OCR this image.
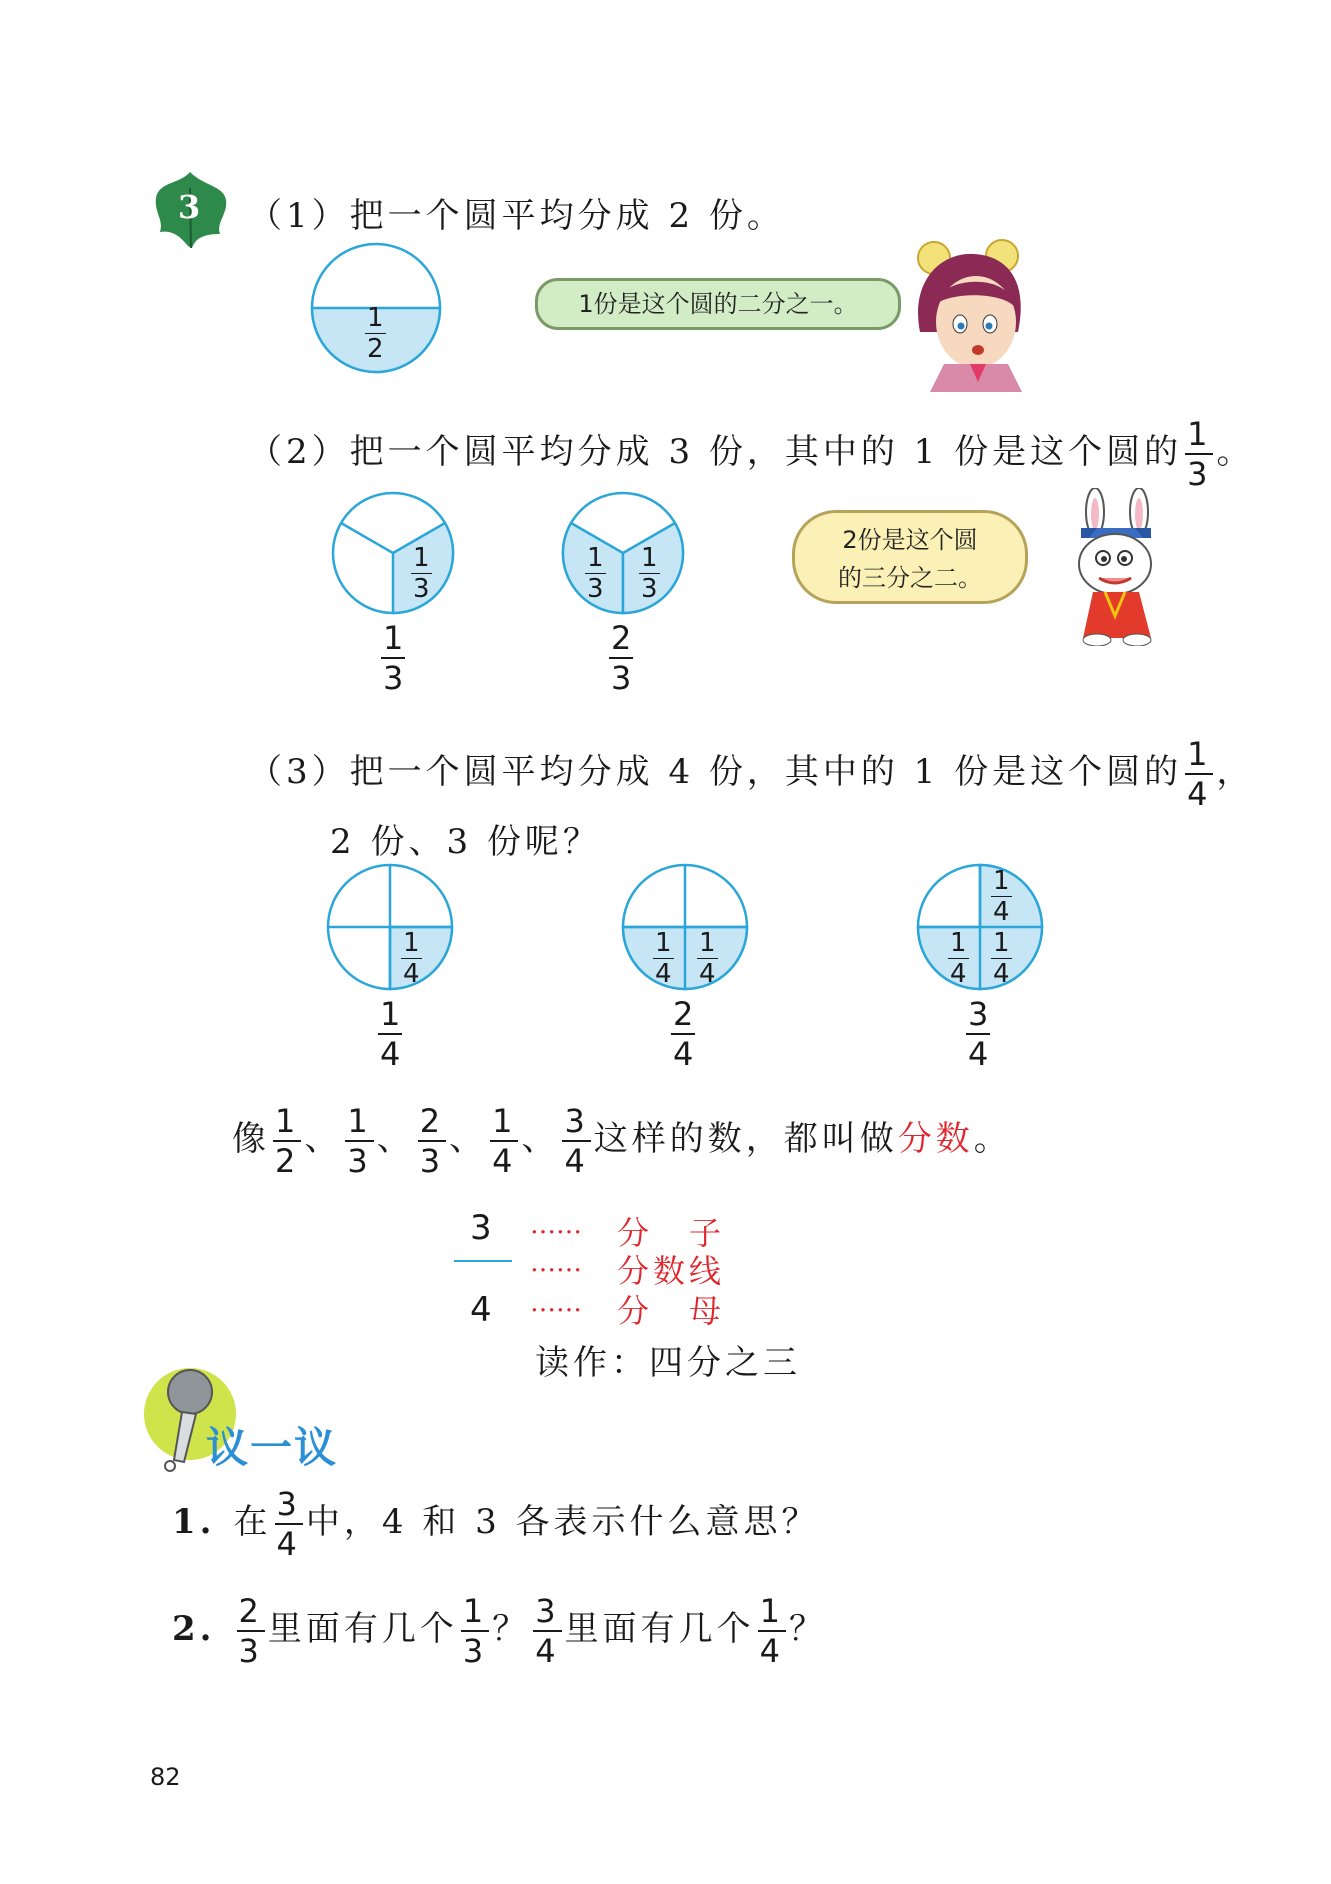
3 （1）把一个圆平均分成 2 份。
1
2
1份是这个圆的二分之一。
（2）把一个圆平均分成 3 份，其中的 1 份是这个圆的 $\frac{1}{3}$ 。
1
3
1
3
1
3
1
3
2
3
2份是这个圆
的三分之二。
（3）把一个圆平均分成 4 份，其中的 1 份是这个圆的 $\frac{1}{4}$ ，
2 份、3 份呢？
1
4
1
4
1
4
1
4
2
4
1
4
1
4
1
4
3
4
像 $\frac{1}{2}$ 、 $\frac{1}{3}$ 、 $\frac{2}{3}$ 、 $\frac{1}{4}$ 、 $\frac{3}{4}$ 这样的数，都叫做分数。
3
4
…… 分　子
…… 分数线
…… 分　母
读作：四分之三
议一议
1. 在 $\frac{3}{4}$ 中，4 和 3 各表示什么意思？
2. $\frac{2}{3}$ 里面有几个 $\frac{1}{3}$ ？ $\frac{3}{4}$ 里面有几个 $\frac{1}{4}$ ？
82
